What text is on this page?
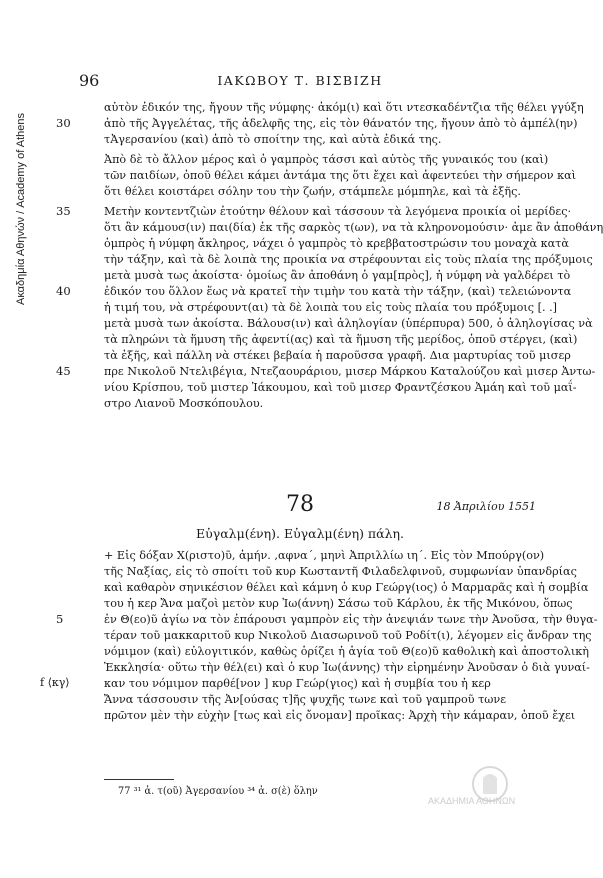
Ακαδημία Αθηνών / Academy of Athens
96	ΙΑΚΩΒΟΥ Τ. ΒΙΣΒΙΖΗ
αὐτὸν ἐδικόν της, ἤγουν τῆς νύμφης· ἀκόμ(ι) καὶ ὅτι ντεσκαδέντζια τῆς θέλει γγύξη
ἀπὸ τῆς Ἀγγελέτας, τῆς ἀδελφῆς της, εἰς τὸν θάνατόν της, ἤγουν ἀπὸ τὸ ἀμπέλ(ην)
τἈγερσανίου (καὶ) ἀπὸ τὸ σποίτην της, καὶ αὐτὰ ἐδικά της.
Ἀπὸ δὲ τὸ ἄλλον μέρος καὶ ὁ γαμπρὸς τάσσι καὶ αὐτὸς τῆς γυναικός του (καὶ)
τῶν παιδίων, ὁποῦ θέλει κάμει ἀντάμα της ὅτι ἔχει καὶ ἀφεντεύει τὴν σήμερον καὶ
ὅτι θέλει κοιστάρει σόλην του τὴν ζωήν, στάμπελε μόμπηλε, καὶ τὰ ἐξῆς.
Μετὴν κοντεντζιὼν ἐτούτην θέλουν καὶ τάσσουν τὰ λεγόμενα προικία οἱ μερίδες·
ὅτι ἂν κάμουσ(ιν) παι(δία) ἐκ τῆς σαρκὸς τ(ων), να τὰ κληρονομούσιν· ἀμε ἂν ἀποθάνη
ὁμπρὸς ἡ νύμφη ἄκληρος, νάχει ὁ γαμπρὸς τὸ κρεββατοστρώσιν του μοναχὰ κατὰ
τὴν τάξην, καὶ τὰ δὲ λοιπὰ της προικία να στρέφουνται εἰς τοὺς πλαία της πρόξυμοις
μετὰ μυσὰ τως ἀκοίστα· ὁμοίως ἂν ἀποθάνη ὁ γαμ[πρὸς], ἡ νύμφη νὰ γαλδέρει τὸ
ἐδικόν του ὅλλον ἕως νὰ κρατεῖ τὴν τιμὴν του κατὰ τὴν τάξην, (καὶ) τελειώνοντα
ἡ τιμή του, νὰ στρέφουντ(αι) τὰ δὲ λοιπὰ του εἰς τοὺς πλαία του πρόξυμοις [. .]
μετὰ μυσὰ των ἀκοίστα. Βάλουσ(ιν) καὶ ἀληλογίαν (ὑπέρπυρα) 500, ὁ ἀληλογίσας νὰ
τὰ πληρώνι τὰ ἥμυση τῆς ἀφεντί(ας) καὶ τὰ ἥμυση τῆς μερίδος, ὁποῦ στέργει, (καὶ)
τὰ ἐξῆς, καὶ πάλλη νὰ στέκει βεβαία ἡ παροῦσσα γραφῆ. Δια μαρτυρίας τοῦ μισερ
πρε Νικολοῦ Ντελιβέγια, Ντεζαουράριου, μισερ Μάρκου Καταλούζου καὶ μισερ Ἀντω-
νίου Κρίσπου, τοῦ μιστερ Ἰάκουμου, καὶ τοῦ μισερ Φραντζέσκου Ἀμάη καὶ τοῦ μαΐ-
στρο Λιανοῦ Μοσκόπουλου.
30
35
40
45
78	18 Ἀπριλίου 1551
Εὐγαλμ(ένη). Εὐγαλμ(ένη) πάλη.
+ Εἰς δόξαν Χ(ριστο)ῦ, ἀμήν. ,αφνα΄, μηνὶ Ἀπριλλίω ιη΄. Εἰς τὸν Μπούργ(ον)
τῆς Ναξίας, εἰς τὸ σποίτι τοῦ κυρ Κωσταντῆ Φιλαδελφινοῦ, συμφωνίαν ὑπανδρίας
καὶ καθαρὸν σηνικέσιον θέλει καὶ κάμνη ὁ κυρ Γεώργ(ιος) ὁ Μαρμαρᾶς καὶ ἡ σομβία
του ἡ κερ Ἄνα μαζοὶ μετὸν κυρ Ἰω(άννη) Σάσω τοῦ Κάρλου, ἐκ τῆς Μικόνου, ὅπως
ἐν Θ(εο)ῦ ἀγίω να τὸν ἐπάρουσι γαμπρὸν εἰς τὴν ἀνεψιάν τωνε τὴν Ἀνοῦσα, τὴν θυγα-
τέραν τοῦ μακκαριτοῦ κυρ Νικολοῦ Διασωρινοῦ τοῦ Ροδίτ(ι), λέγομεν εἰς ἄνδραν της
νόμιμον (καὶ) εὐλογιτικόν, καθὼς ὁρίζει ἡ ἁγία τοῦ Θ(εο)ῦ καθολικὴ καὶ ἀποστολικὴ
Ἐκκλησία· οὕτω τὴν θέλ(ει) καὶ ὁ κυρ Ἰω(άννης) τὴν εἰρημένην Ἀνοῦσαν ὁ διὰ γυναί-
καν του νόμιμον παρθέ[νον ] κυρ Γεώρ(γιος) καὶ ἡ συμβία του ἡ κερ
Ἄννα τάσσουσιν τῆς Ἀν[ούσας τ]ῆς ψυχῆς τωνε καὶ τοῦ γαμπροῦ τωνε
πρῶτον μὲν τὴν εὐχὴν [τως καὶ εἰς ὄνομαν] προῖκας: Ἀρχὴ τὴν κάμαραν, ὁποῦ ἔχει
5
f ⟨κγ⟩
77 ³¹ ἀ. τ(οῦ) Ἀγερσανίου ³⁴ ἀ. σ(ὲ) ὅλην
ΑΚΑΔΗΜΙΑ ΑΘΗΝΩΝ
